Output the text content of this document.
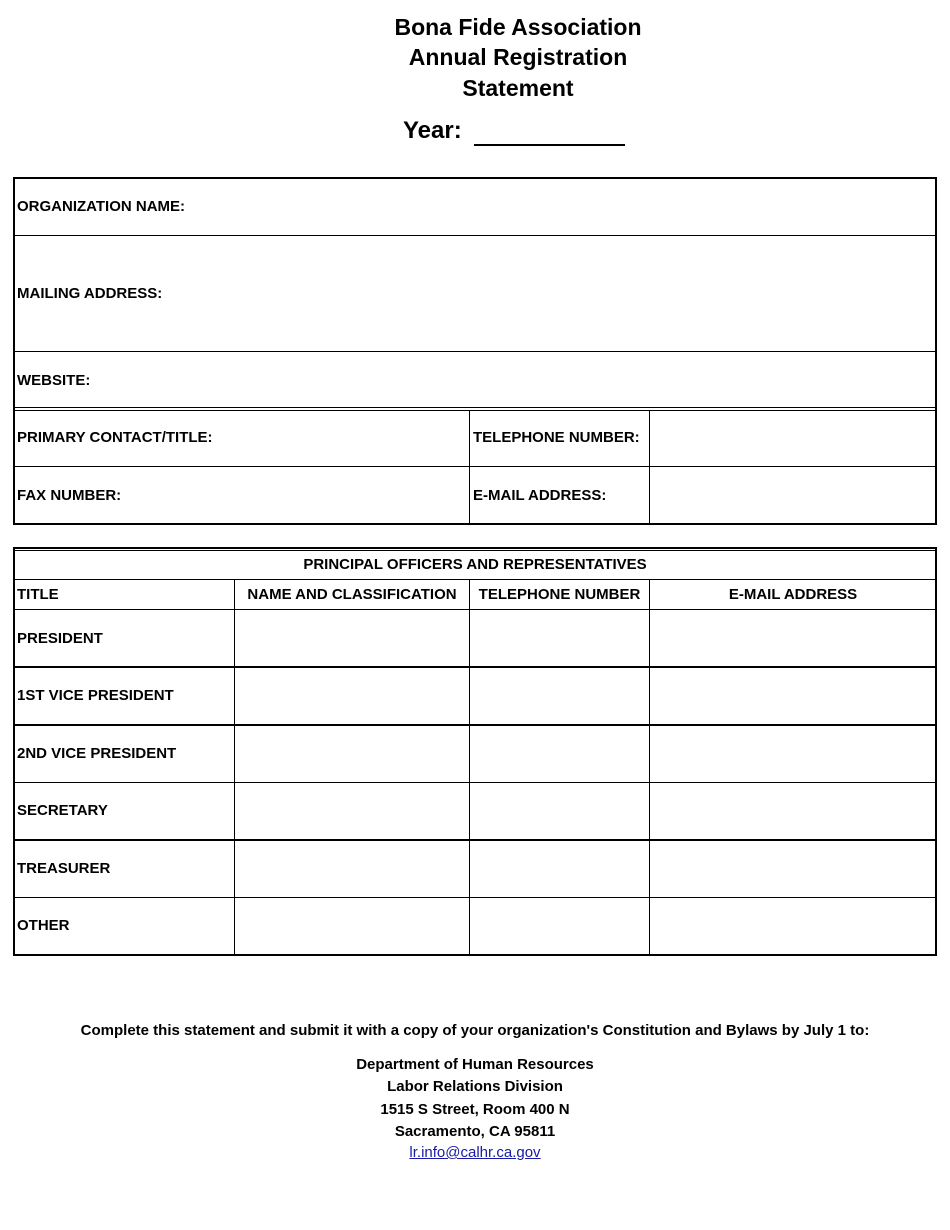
Bona Fide Association
Annual Registration
Statement
Year:
ORGANIZATION NAME:
MAILING ADDRESS:
WEBSITE:
PRIMARY CONTACT/TITLE:	TELEPHONE NUMBER:
FAX NUMBER:	E-MAIL ADDRESS:
PRINCIPAL OFFICERS AND REPRESENTATIVES
TITLE	NAME AND CLASSIFICATION	TELEPHONE NUMBER	E-MAIL ADDRESS
PRESIDENT
1ST VICE PRESIDENT
2ND VICE PRESIDENT
SECRETARY
TREASURER
OTHER
Complete this statement and submit it with a copy of your organization's Constitution and Bylaws by July 1 to:
Department of Human Resources
Labor Relations Division
1515 S Street, Room 400 N
Sacramento, CA 95811
lr.info@calhr.ca.gov
